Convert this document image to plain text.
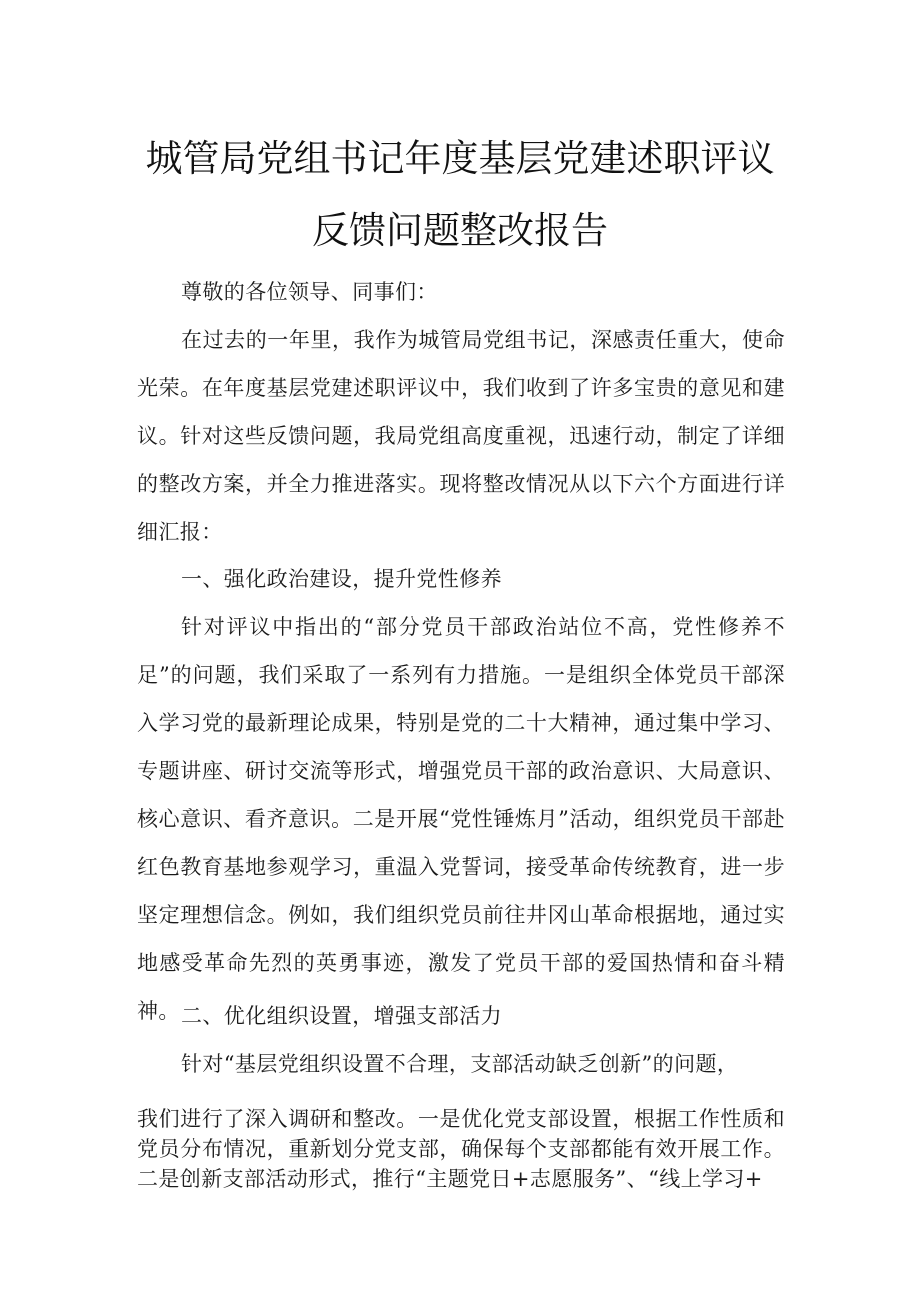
城管局党组书记年度基层党建述职评议
反馈问题整改报告

尊敬的各位领导、同事们：

在过去的一年里，我作为城管局党组书记，深感责任重大，使命光荣。在年度基层党建述职评议中，我们收到了许多宝贵的意见和建议。针对这些反馈问题，我局党组高度重视，迅速行动，制定了详细的整改方案，并全力推进落实。现将整改情况从以下六个方面进行详细汇报：

一、强化政治建设，提升党性修养

针对评议中指出的“部分党员干部政治站位不高，党性修养不足”的问题，我们采取了一系列有力措施。一是组织全体党员干部深入学习党的最新理论成果，特别是党的二十大精神，通过集中学习、专题讲座、研讨交流等形式，增强党员干部的政治意识、大局意识、核心意识、看齐意识。二是开展“党性锤炼月”活动，组织党员干部赴红色教育基地参观学习，重温入党誓词，接受革命传统教育，进一步坚定理想信念。例如，我们组织党员前往井冈山革命根据地，通过实地感受革命先烈的英勇事迹，激发了党员干部的爱国热情和奋斗精神。 二、优化组织设置，增强支部活力

针对“基层党组织设置不合理，支部活动缺乏创新”的问题，

我们进行了深入调研和整改。一是优化党支部设置，根据工作性质和党员分布情况，重新划分党支部，确保每个支部都能有效开展工作。二是创新支部活动形式，推行“主题党日+志愿服务”、“线上学习+
